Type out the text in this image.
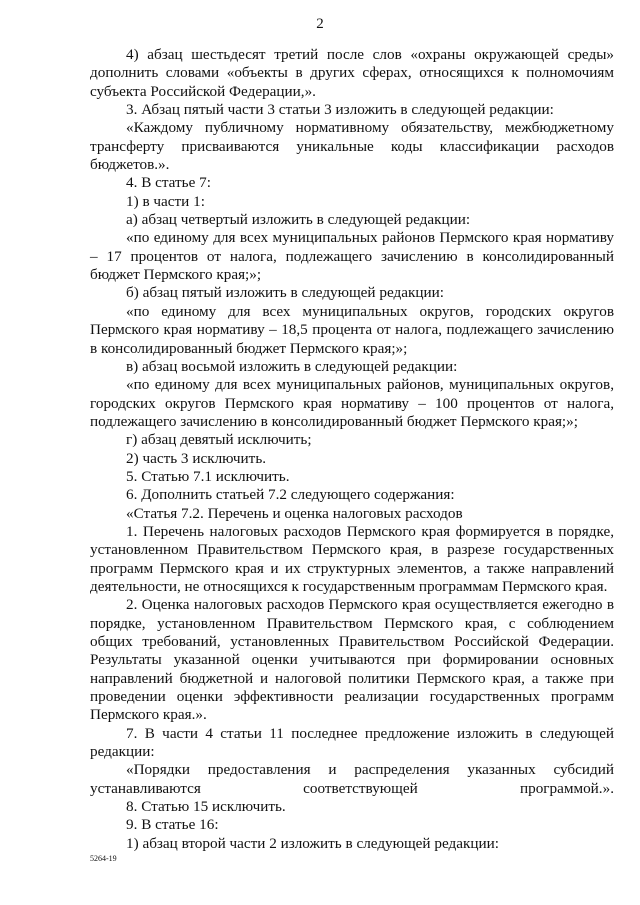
2

4) абзац шестьдесят третий после слов «охраны окружающей среды» дополнить словами «объекты в других сферах, относящихся к полномочиям субъекта Российской Федерации,».

3. Абзац пятый части 3 статьи 3 изложить в следующей редакции:

«Каждому публичному нормативному обязательству, межбюджетному трансферту присваиваются уникальные коды классификации расходов бюджетов.».

4. В статье 7:

1) в части 1:

а) абзац четвертый изложить в следующей редакции:

«по единому для всех муниципальных районов Пермского края нормативу – 17 процентов от налога, подлежащего зачислению в консолидированный бюджет Пермского края;»;

б) абзац пятый изложить в следующей редакции:

«по единому для всех муниципальных округов, городских округов Пермского края нормативу – 18,5 процента от налога, подлежащего зачислению в консолидированный бюджет Пермского края;»;

в) абзац восьмой изложить в следующей редакции:

«по единому для всех муниципальных районов, муниципальных округов, городских округов Пермского края нормативу – 100 процентов от налога, подлежащего зачислению в консолидированный бюджет Пермского края;»;

г) абзац девятый исключить;

2) часть 3 исключить.

5. Статью 7.1 исключить.

6. Дополнить статьей 7.2 следующего содержания:

«Статья 7.2. Перечень и оценка налоговых расходов

1. Перечень налоговых расходов Пермского края формируется в порядке, установленном Правительством Пермского края, в разрезе государственных программ Пермского края и их структурных элементов, а также направлений деятельности, не относящихся к государственным программам Пермского края.

2. Оценка налоговых расходов Пермского края осуществляется ежегодно в порядке, установленном Правительством Пермского края, с соблюдением общих требований, установленных Правительством Российской Федерации. Результаты указанной оценки учитываются при формировании основных направлений бюджетной и налоговой политики Пермского края, а также при проведении оценки эффективности реализации государственных программ Пермского края.».

7. В части 4 статьи 11 последнее предложение изложить в следующей редакции:

«Порядки предоставления и распределения указанных субсидий устанавливаются соответствующей программой.».

8. Статью 15 исключить.

9. В статье 16:

1) абзац второй части 2 изложить в следующей редакции:

5264-19
